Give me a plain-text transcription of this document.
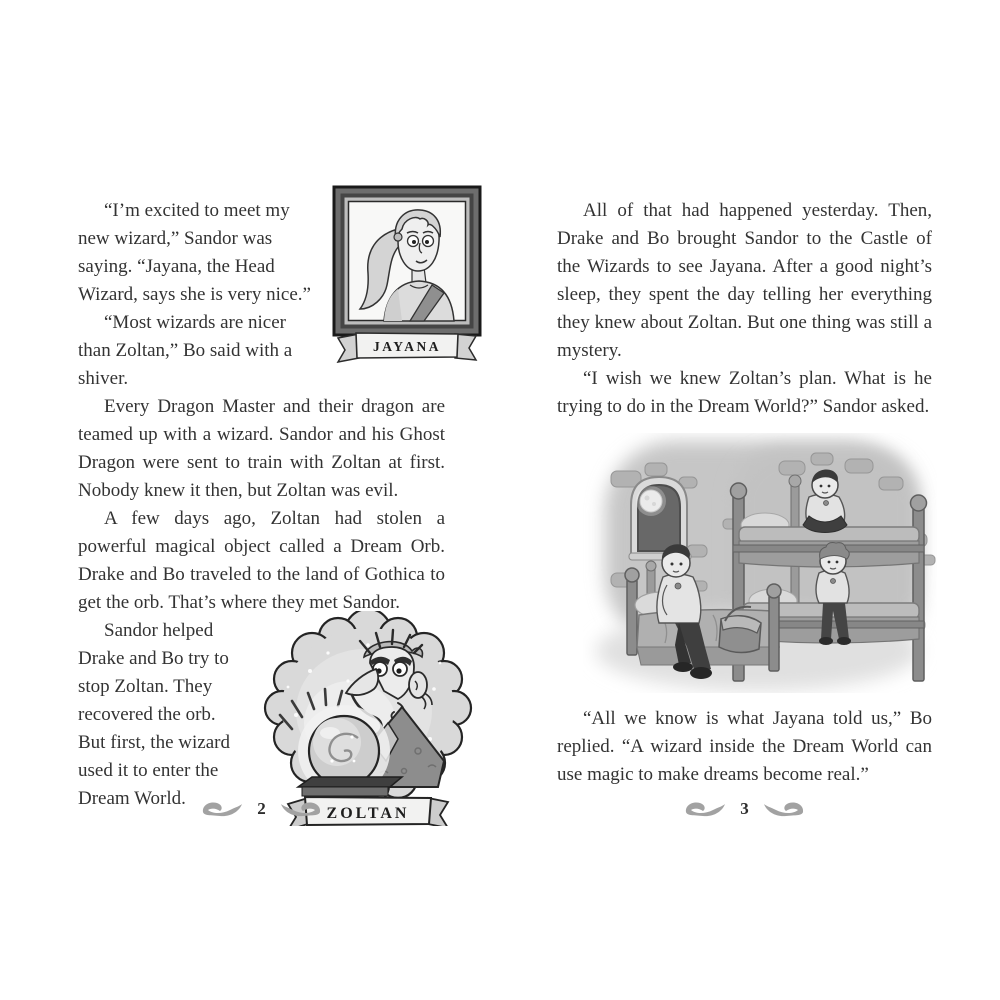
JAYANA

“I’m excited to meet my new wizard,” Sandor was saying. “Jayana, the Head Wizard, says she is very nice.”

“Most wizards are nicer than Zoltan,” Bo said with a shiver.

Every Dragon Master and their dragon are teamed up with a wizard. Sandor and his Ghost Dragon were sent to train with Zoltan at first. Nobody knew it then, but Zoltan was evil.

A few days ago, Zoltan had stolen a powerful magical object called a Dream Orb. Drake and Bo traveled to the land of Gothica to get the orb. That’s where they met Sandor.

ZOLTAN
Sandor helped Drake and Bo try to stop Zoltan. They recovered the orb. But first, the wizard used it to enter the Dream World.	2

All of that had happened yesterday. Then, Drake and Bo brought Sandor to the Castle of the Wizards to see Jayana. After a good night’s sleep, they spent the day telling her everything they knew about Zoltan. But one thing was still a mystery.

“I wish we knew Zoltan’s plan. What is he trying to do in the Dream World?” Sandor asked.

“All we know is what Jayana told us,” Bo replied. “A wizard inside the Dream World can use magic to make dreams become real.”

3
